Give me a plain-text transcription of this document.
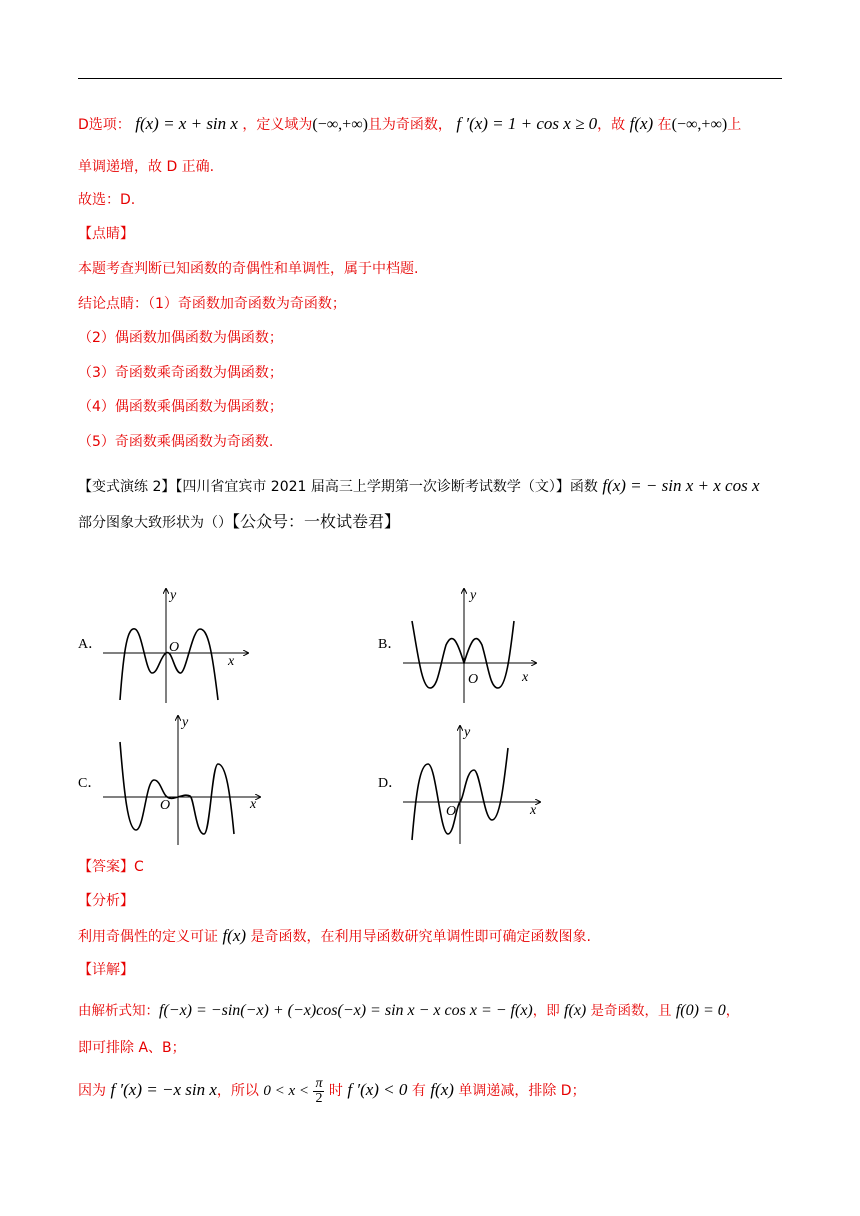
D选项： f(x) = x + sin x ，定义域为(−∞,+∞)且为奇函数， f ′(x) = 1 + cos x ≥ 0，故 f(x) 在(−∞,+∞)上
单调递增，故 D 正确.
故选：D.
【点睛】
本题考查判断已知函数的奇偶性和单调性，属于中档题.
结论点睛：（1）奇函数加奇函数为奇函数；
（2）偶函数加偶函数为偶函数；
（3）奇函数乘奇函数为偶函数；
（4）偶函数乘偶函数为偶函数；
（5）奇函数乘偶函数为奇函数.
【变式演练 2】【四川省宜宾市 2021 届高三上学期第一次诊断考试数学（文）】函数 f(x) = − sin x + x cos x
部分图象大致形状为（）【公众号：一枚试卷君】
A．	B．
C．	D．
y
O
x
y
O	x
y
O	x
y
O	x
【答案】C
【分析】
利用奇偶性的定义可证 f(x) 是奇函数，在利用导函数研究单调性即可确定函数图象.
【详解】
由解析式知：f(−x) = −sin(−x) + (−x)cos(−x) = sin x − x cos x = − f(x)，即 f(x) 是奇函数，且 f(0) = 0，
即可排除 A、B；
因为 f ′(x) = −x sin x，所以 $0 < x < \frac{\pi}{2}$ 时 f ′(x) < 0 有 f(x) 单调递减，排除 D；
